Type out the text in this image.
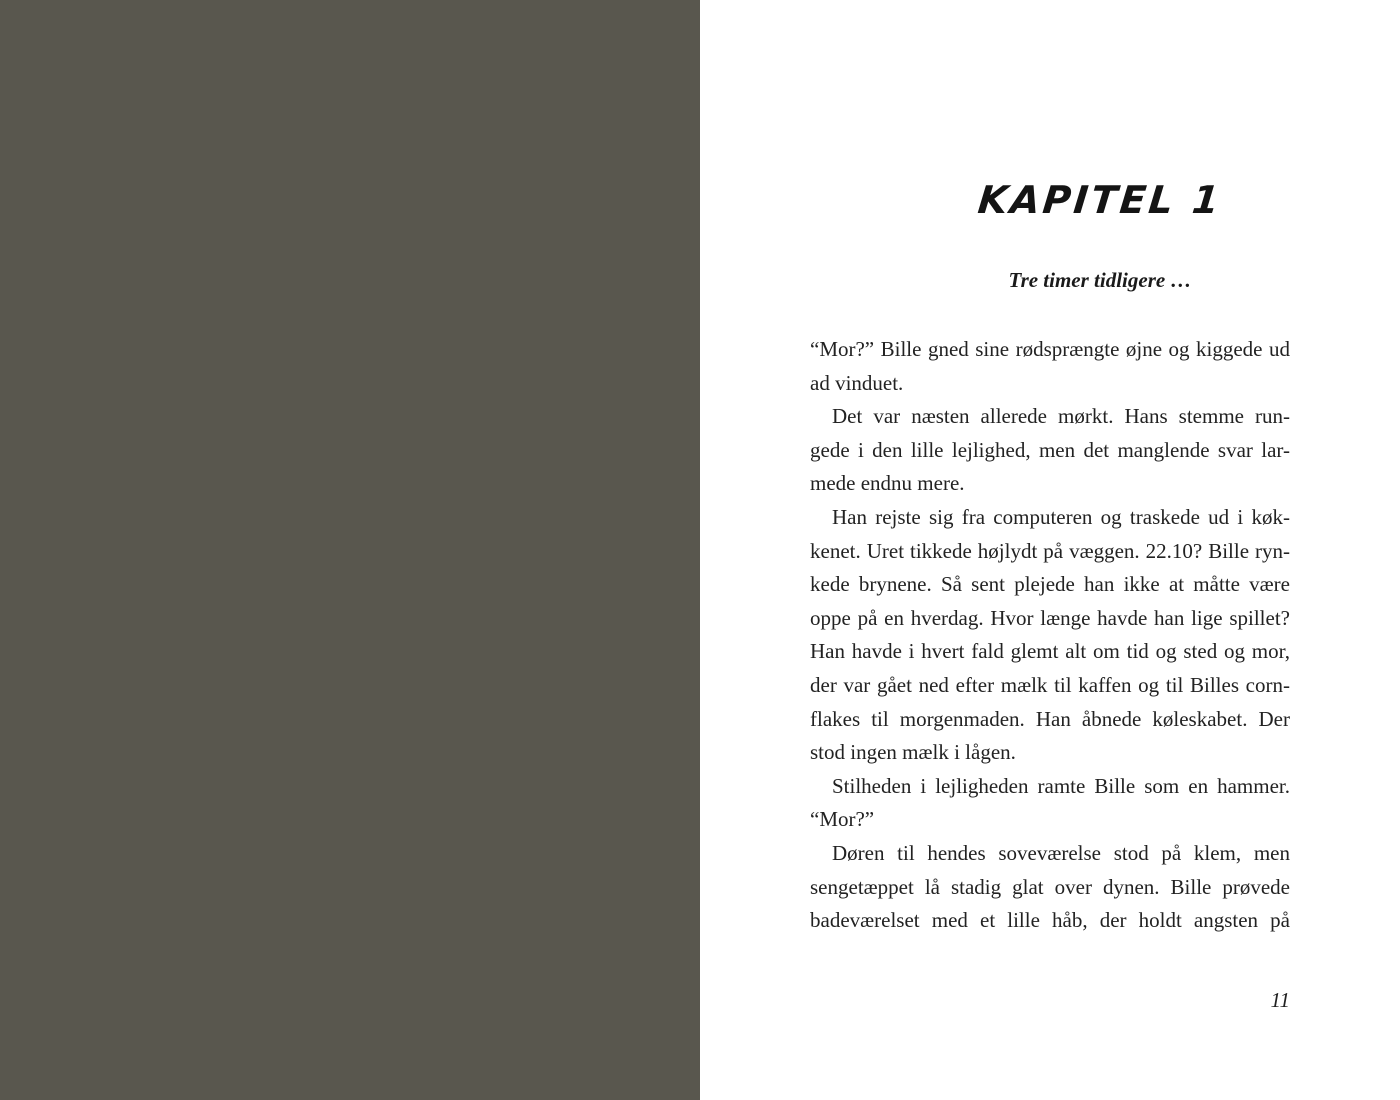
KAPITEL 1
Tre timer tidligere …

“Mor?” Bille gned sine rødsprængte øjne og kiggede ud

ad vinduet.

Det var næsten allerede mørkt. Hans stemme run-

gede i den lille lejlighed, men det manglende svar lar-

mede endnu mere.

Han rejste sig fra computeren og traskede ud i køk-

kenet. Uret tikkede højlydt på væggen. 22.10? Bille ryn-

kede brynene. Så sent plejede han ikke at måtte være

oppe på en hverdag. Hvor længe havde han lige spillet?

Han havde i hvert fald glemt alt om tid og sted og mor,

der var gået ned efter mælk til kaffen og til Billes corn-

flakes til morgenmaden. Han åbnede køleskabet. Der

stod ingen mælk i lågen.

Stilheden i lejligheden ramte Bille som en hammer.

“Mor?”

Døren til hendes soveværelse stod på klem, men

sengetæppet lå stadig glat over dynen. Bille prøvede

badeværelset med et lille håb, der holdt angsten på

11
